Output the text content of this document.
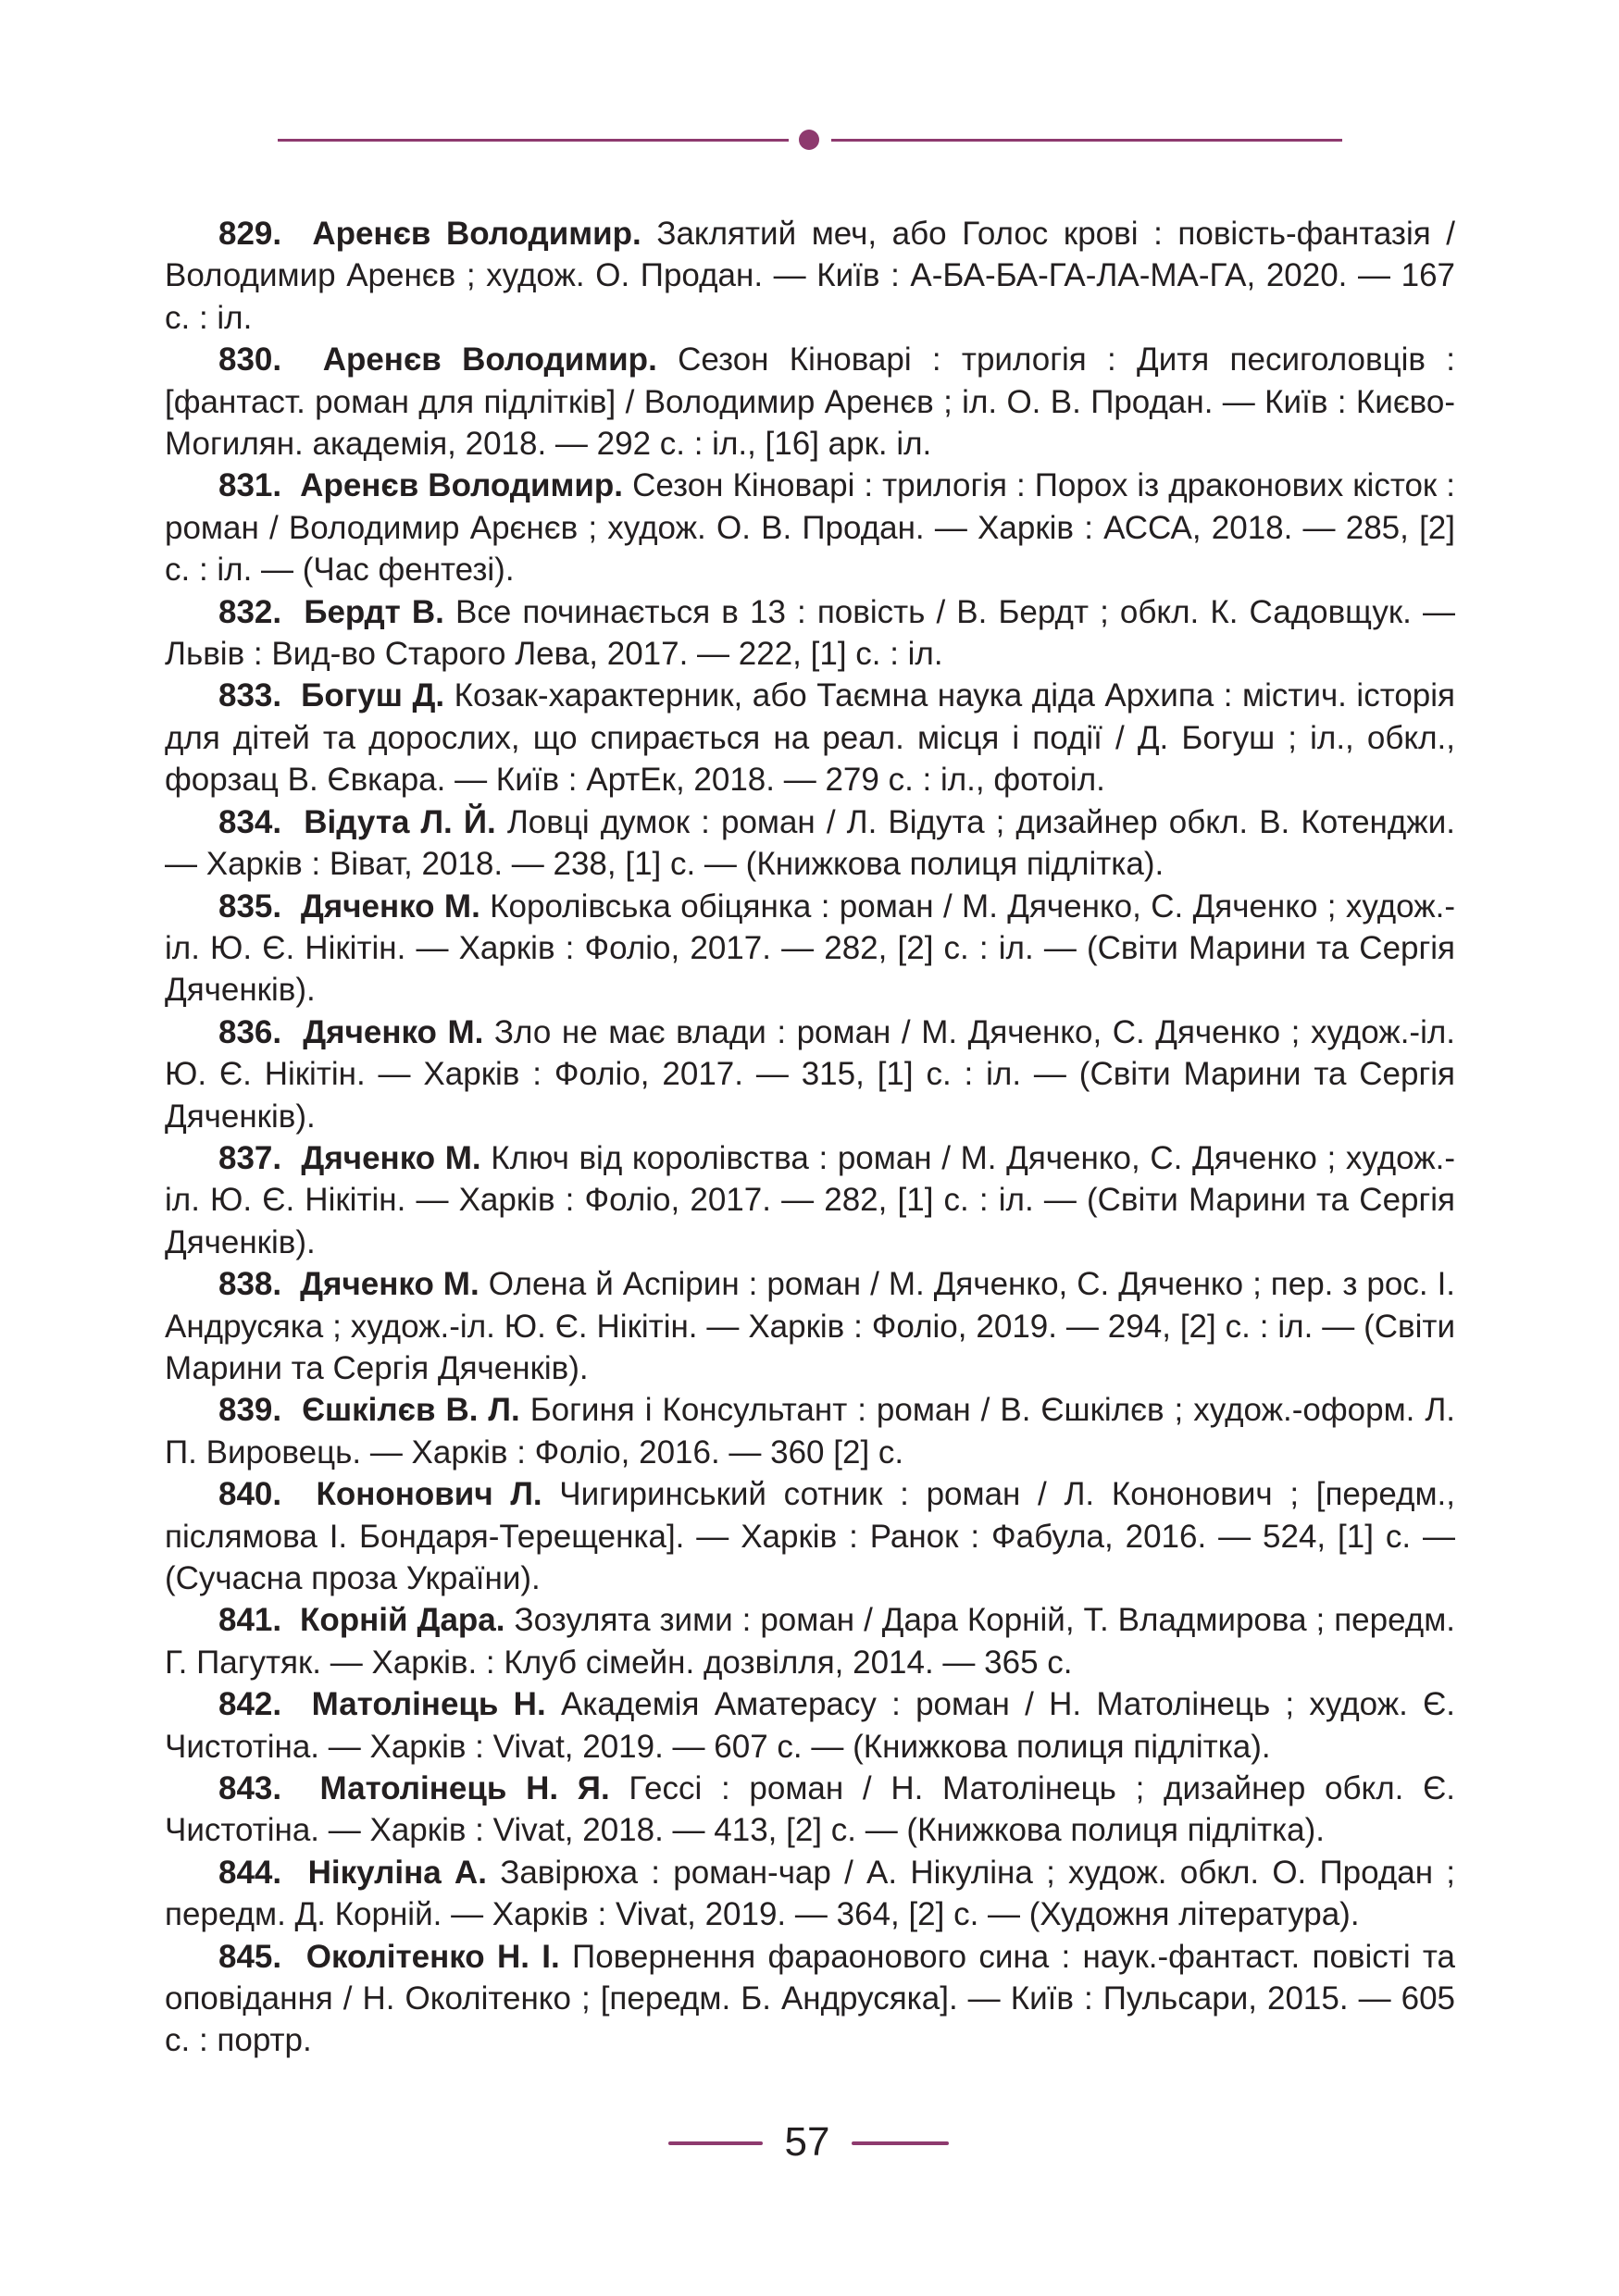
829. Аренєв Володимир. Заклятий меч, або Голос крові : повість-фантазія / Володимир Аренєв ; худож. О. Продан. — Київ : А-БА-БА-ГА-ЛА-МА-ГА, 2020. — 167 с. : іл.

830. Аренєв Володимир. Сезон Кіноварі : трилогія : Дитя песиголовців : [фантаст. роман для підлітків] / Володимир Аренєв ; іл. О. В. Продан. — Київ : Києво-Могилян. академія, 2018. — 292 с. : іл., [16] арк. іл.

831. Аренєв Володимир. Сезон Кіноварі : трилогія : Порох із драконових кісток : роман / Володимир Арєнєв ; худож. О. В. Продан. — Харків : АССА, 2018. — 285, [2] с. : іл. — (Час фентезі).

832. Бердт В. Все починається в 13 : повість / В. Бердт ; обкл. К. Садовщук. — Львів : Вид-во Старого Лева, 2017. — 222, [1] с. : іл.

833. Богуш Д. Козак-характерник, або Таємна наука діда Архипа : містич. історія для дітей та дорослих, що спирається на реал. місця і події / Д. Богуш ; іл., обкл., форзац В. Євкара. — Київ : АртЕк, 2018. — 279 с. : іл., фотоіл.

834. Відута Л. Й. Ловці думок : роман / Л. Відута ; дизайнер обкл. В. Котенджи. — Харків : Віват, 2018. — 238, [1] с. — (Книжкова полиця підлітка).

835. Дяченко М. Королівська обіцянка : роман / М. Дяченко, С. Дяченко ; худож.-іл. Ю. Є. Нікітін. — Харків : Фоліо, 2017. — 282, [2] с. : іл. — (Світи Марини та Сергія Дяченків).

836. Дяченко М. Зло не має влади : роман / М. Дяченко, С. Дяченко ; худож.-іл. Ю. Є. Нікітін. — Харків : Фоліо, 2017. — 315, [1] с. : іл. — (Світи Марини та Сергія Дяченків).

837. Дяченко М. Ключ від королівства : роман / М. Дяченко, С. Дяченко ; худож.-іл. Ю. Є. Нікітін. — Харків : Фоліо, 2017. — 282, [1] с. : іл. — (Світи Марини та Сергія Дяченків).

838. Дяченко М. Олена й Аспірин : роман / М. Дяченко, С. Дяченко ; пер. з рос. І. Андрусяка ; худож.-іл. Ю. Є. Нікітін. — Харків : Фоліо, 2019. — 294, [2] с. : іл. — (Світи Марини та Сергія Дяченків).

839. Єшкілєв В. Л. Богиня і Консультант : роман / В. Єшкілєв ; худож.-оформ. Л. П. Вировець. — Харків : Фоліо, 2016. — 360 [2] с.

840. Кононович Л. Чигиринський сотник : роман / Л. Кононович ; [передм., післямова І. Бондаря-Терещенка]. — Харків : Ранок : Фабула, 2016. — 524, [1] с. — (Сучасна проза України).

841. Корній Дара. Зозулята зими : роман / Дара Корній, Т. Владмирова ; передм. Г. Пагутяк. — Харків. : Клуб сімейн. дозвілля, 2014. — 365 с.

842. Матолінець Н. Академія Аматерасу : роман / Н. Матолінець ; худож. Є. Чистотіна. — Харків : Vivat, 2019. — 607 с. — (Книжкова полиця підлітка).

843. Матолінець Н. Я. Гессі : роман / Н. Матолінець ; дизайнер обкл. Є. Чистотіна. — Харків : Vivat, 2018. — 413, [2] с. — (Книжкова полиця підлітка).

844. Нікуліна А. Завірюха : роман-чар / А. Нікуліна ; худож. обкл. О. Продан ; передм. Д. Корній. — Харків : Vivat, 2019. — 364, [2] с. — (Художня література).

845. Околітенко Н. І. Повернення фараонового сина : наук.-фантаст. повісті та оповідання / Н. Околітенко ; [передм. Б. Андрусяка]. — Київ : Пульсари, 2015. — 605 с. : портр.

57
